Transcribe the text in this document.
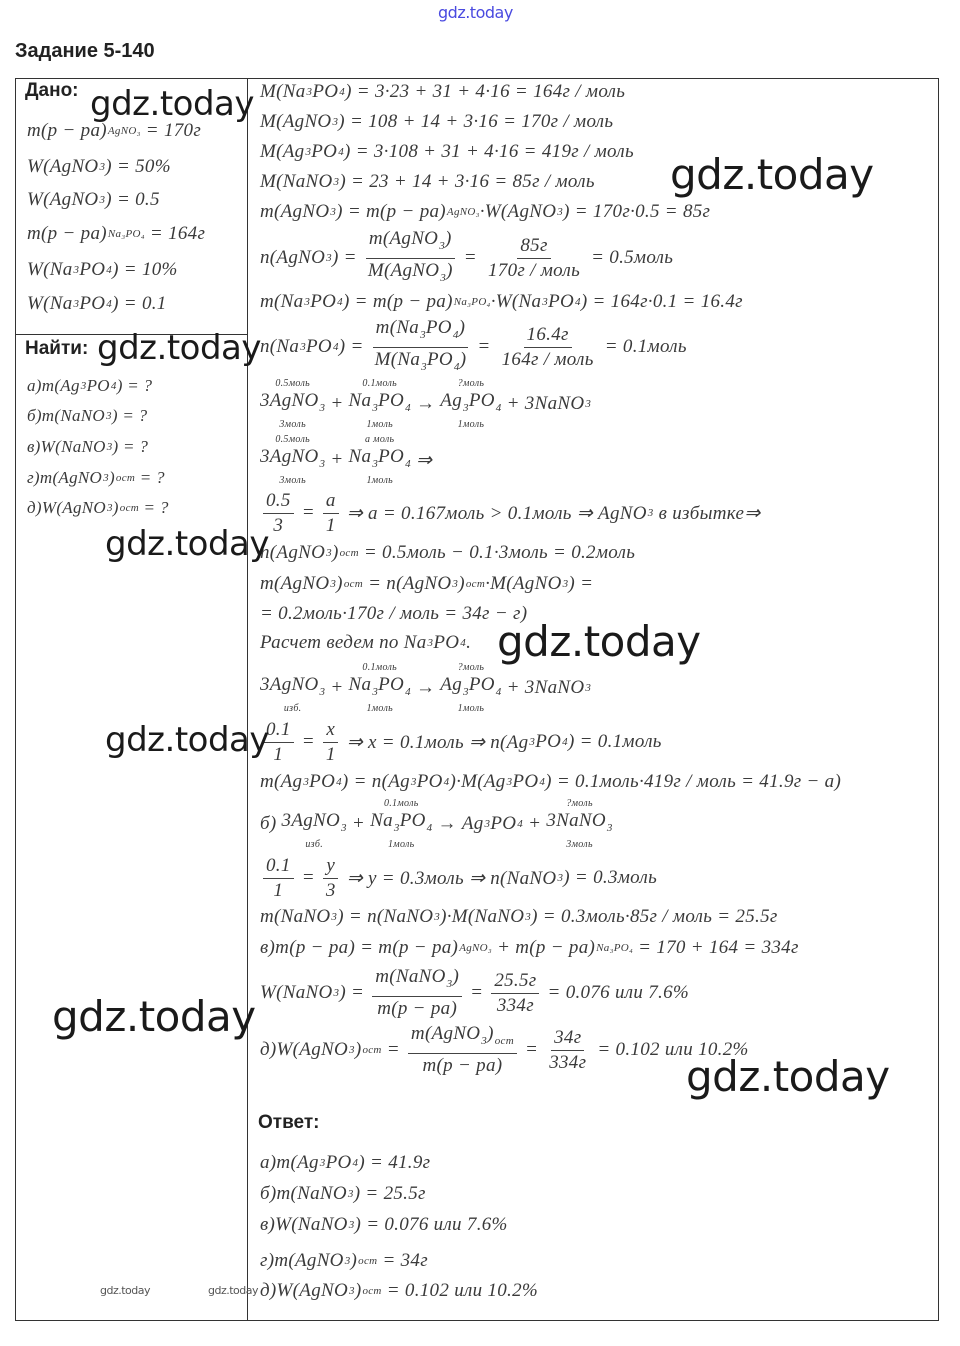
gdz.today
Задание 5-140
Дано:
Найти:
Ответ:
m(p − pa) AgNO₃ = 170г
W(AgNO 3 ) = 50%
W(AgNO 3 ) = 0.5
m(p − pa) Na₃PO₄ = 164г
W(Na 3 PO 4 ) = 10%
W(Na 3 PO 4 ) = 0.1
а)m(Ag 3 PO 4 ) = ?
б)m(NaNO 3 ) = ?
в)W(NaNO 3 ) = ?
г)m(AgNO 3 ) ост = ?
д)W(AgNO 3 ) ост = ?
M(Na 3 PO 4 ) = 3·23 + 31 + 4·16 = 164г / моль
M(AgNO 3 ) = 108 + 14 + 3·16 = 170г / моль
M(Ag 3 PO 4 ) = 3·108 + 31 + 4·16 = 419г / моль
M(NaNO 3 ) = 23 + 14 + 3·16 = 85г / моль
m(AgNO 3 ) = m(p − pa) AgNO₃ ·W(AgNO 3 ) = 170г·0.5 = 85г
n(AgNO 3 ) = $\frac{m(AgNO_3)}{M(AgNO_3)} = \frac{85г}{\text{170г / моль}}$ = 0.5моль
m(Na 3 PO 4 ) = m(p − pa) Na₃PO₄ ·W(Na 3 PO 4 ) = 164г·0.1 = 16.4г
n(Na 3 PO 4 ) = $\frac{m(Na_3PO_4)}{M(Na_3PO_4)} = \frac{16.4г}{\text{164г / моль}}$ = 0.1моль
0.5моль
3AgNO$_3$
3моль
+
0.1моль
$Na_3PO_4$
1моль
→
?моль
$Ag_3PO_4$
1моль
+ 3NaNO 3
0.5моль
3AgNO$_3$
3моль
+
a моль
$Na_3PO_4$
1моль
⇒
$\frac{0.5}{3} = \frac{a}{1}$ ⇒ a = 0.167моль > 0.1моль ⇒ AgNO 3 в избытке⇒
n(AgNO 3 ) ост = 0.5моль − 0.1·3моль = 0.2моль
m(AgNO 3 ) ост = n(AgNO 3 ) ост ·M(AgNO 3 ) =
= 0.2моль·170г / моль = 34г − г)
Расчет ведем по Na 3 PO 4 .

3AgNO$_3$
изб.
+
0.1моль
$Na_3PO_4$
1моль
→
?моль
$Ag_3PO_4$
1моль
+ 3NaNO 3
$\frac{0.1}{1} = \frac{x}{1}$ ⇒ x = 0.1моль ⇒ n(Ag 3 PO 4 ) = 0.1моль
m(Ag 3 PO 4 ) = n(Ag 3 PO 4 )·M(Ag 3 PO 4 ) = 0.1моль·419г / моль = 41.9г − а)
б)
3AgNO$_3$
изб.
+
0.1моль
$Na_3PO_4$
1моль
→ Ag 3 PO 4 +
?моль
3NaNO$_3$
3моль
$\frac{0.1}{1} = \frac{y}{3}$ ⇒ y = 0.3моль ⇒ n(NaNO 3 ) = 0.3моль
m(NaNO 3 ) = n(NaNO 3 )·M(NaNO 3 ) = 0.3моль·85г / моль = 25.5г
в)m(p − pa) = m(p − pa) AgNO₃ + m(p − pa) Na₃PO₄ = 170 + 164 = 334г
W(NaNO 3 ) = $\frac{m(NaNO_3)}{m(p - pa)} = \frac{25.5г}{334г} = 0.076$ или 7.6%
д)W(AgNO 3 ) ост = $\frac{m(AgNO_3)_{ост}}{m(p - pa)} = \frac{34г}{334г} = 0.102$ или 10.2%
а)m(Ag 3 PO 4 ) = 41.9г
б)m(NaNO 3 ) = 25.5г
в)W(NaNO 3 ) = 0.076 или 7.6%
г)m(AgNO 3 ) ост = 34г
д)W(AgNO 3 ) ост = 0.102 или 10.2%
gdz.today
gdz.today
gdz.today
gdz.today
gdz.today
gdz.today
gdz.today
gdz.today
gdz.today	gdz.today
